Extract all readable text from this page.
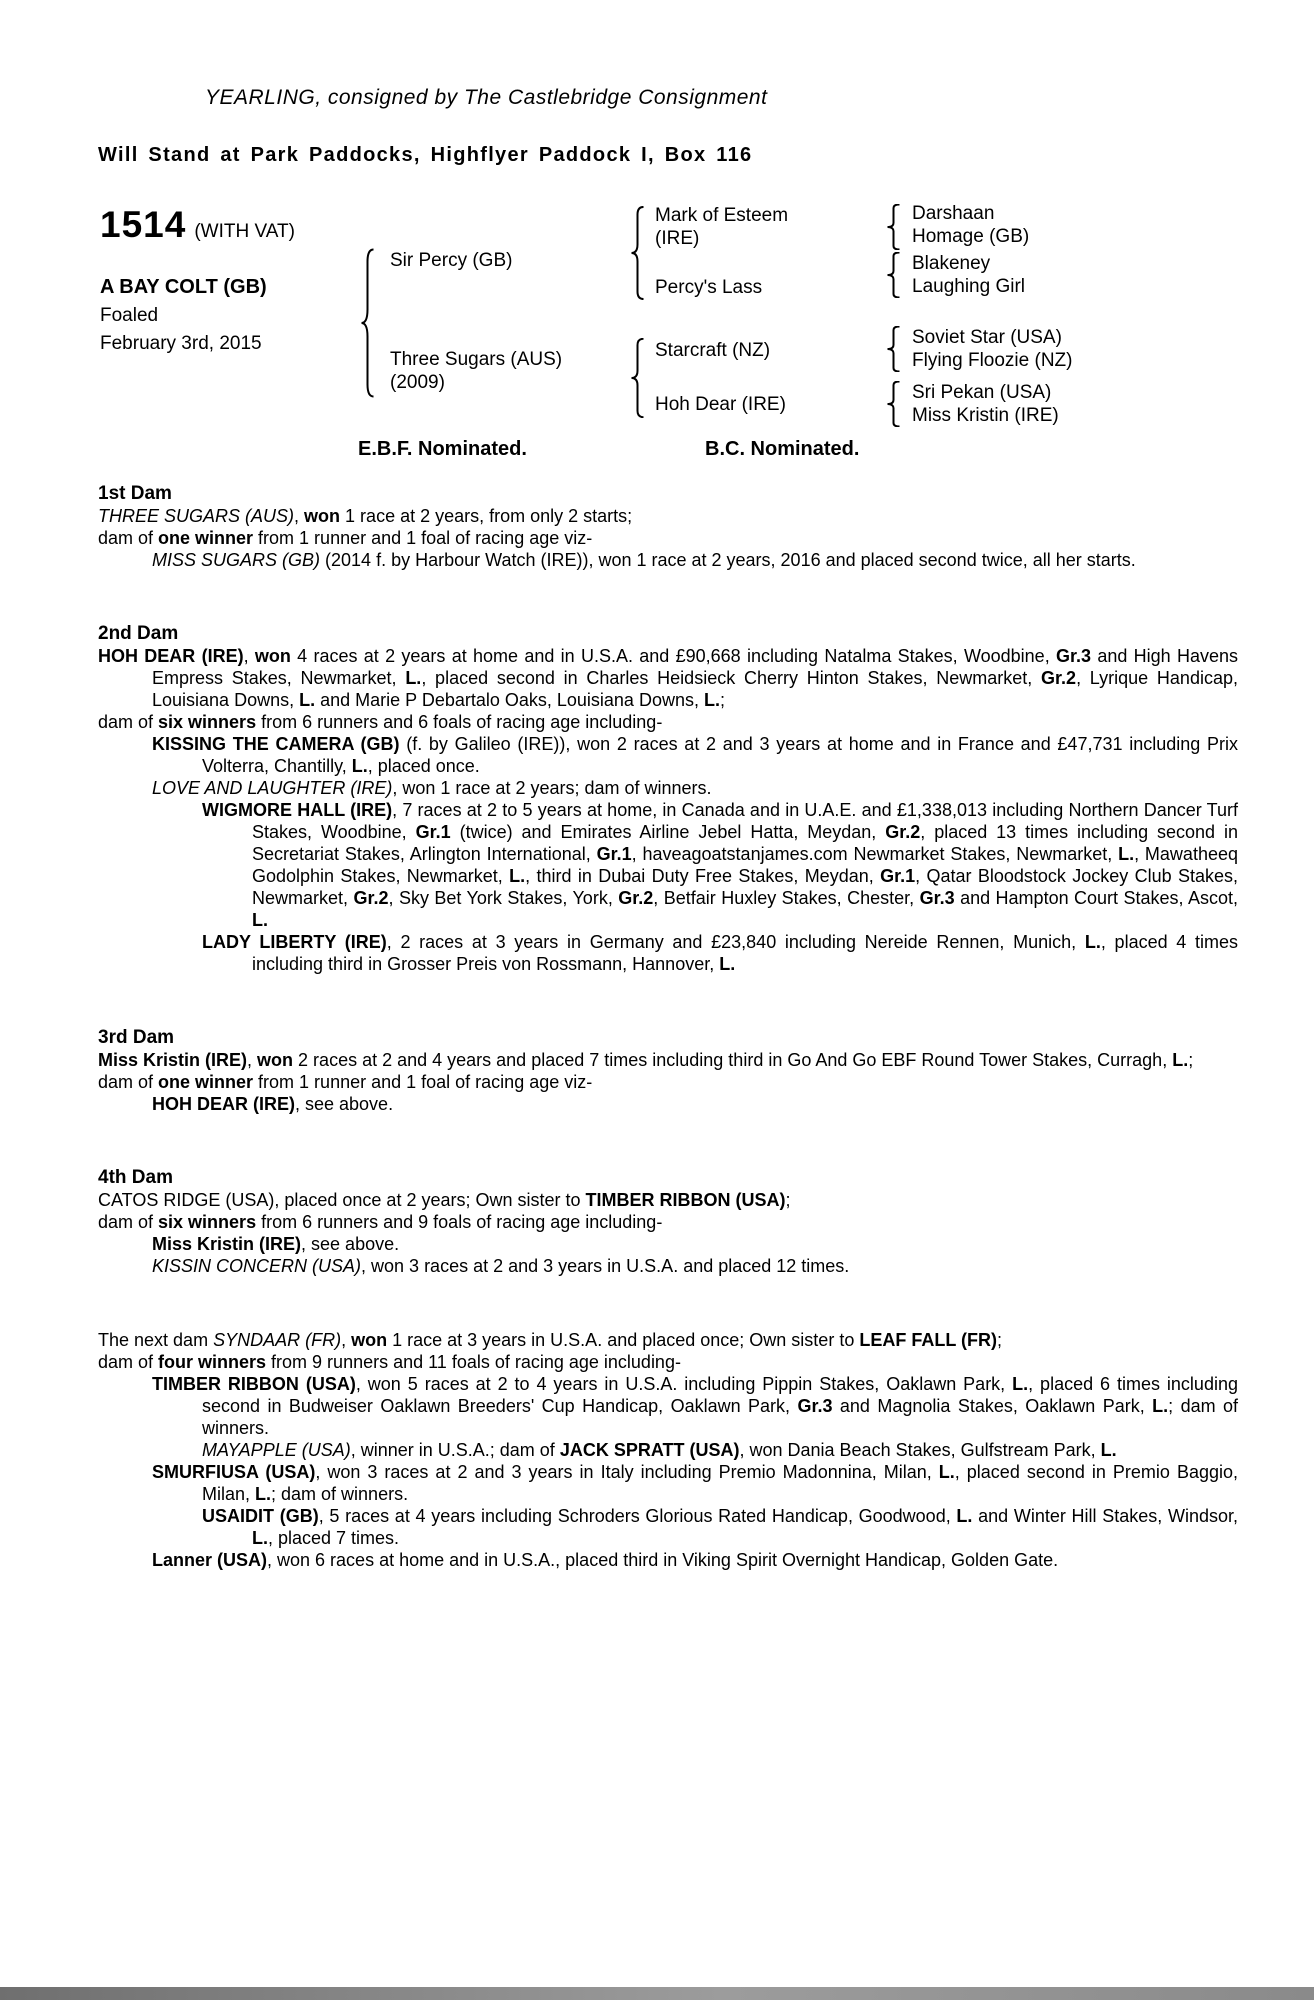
YEARLING, consigned by The Castlebridge Consignment
Will Stand at Park Paddocks, Highflyer Paddock I, Box 116
1514 (WITH VAT)
A BAY COLT (GB)
Foaled
February 3rd, 2015
Sir Percy (GB)
Three Sugars (AUS)
(2009)
Mark of Esteem
(IRE)
Percy's Lass
Starcraft (NZ)
Hoh Dear (IRE)
Darshaan
Homage (GB)
Blakeney
Laughing Girl
Soviet Star (USA)
Flying Floozie (NZ)
Sri Pekan (USA)
Miss Kristin (IRE)
E.B.F. Nominated.	B.C. Nominated.
1st Dam

THREE SUGARS (AUS), won 1 race at 2 years, from only 2 starts;

dam of one winner from 1 runner and 1 foal of racing age viz-

MISS SUGARS (GB) (2014 f. by Harbour Watch (IRE)), won 1 race at 2 years, 2016 and placed second twice, all her starts.

2nd Dam

HOH DEAR (IRE), won 4 races at 2 years at home and in U.S.A. and £90,668 including Natalma Stakes, Woodbine, Gr.3 and High Havens Empress Stakes, Newmarket, L., placed second in Charles Heidsieck Cherry Hinton Stakes, Newmarket, Gr.2, Lyrique Handicap, Louisiana Downs, L. and Marie P Debartalo Oaks, Louisiana Downs, L.;

dam of six winners from 6 runners and 6 foals of racing age including-

KISSING THE CAMERA (GB) (f. by Galileo (IRE)), won 2 races at 2 and 3 years at home and in France and £47,731 including Prix Volterra, Chantilly, L., placed once.

LOVE AND LAUGHTER (IRE), won 1 race at 2 years; dam of winners.

WIGMORE HALL (IRE), 7 races at 2 to 5 years at home, in Canada and in U.A.E. and £1,338,013 including Northern Dancer Turf Stakes, Woodbine, Gr.1 (twice) and Emirates Airline Jebel Hatta, Meydan, Gr.2, placed 13 times including second in Secretariat Stakes, Arlington International, Gr.1, haveagoatstanjames.com Newmarket Stakes, Newmarket, L., Mawatheeq Godolphin Stakes, Newmarket, L., third in Dubai Duty Free Stakes, Meydan, Gr.1, Qatar Bloodstock Jockey Club Stakes, Newmarket, Gr.2, Sky Bet York Stakes, York, Gr.2, Betfair Huxley Stakes, Chester, Gr.3 and Hampton Court Stakes, Ascot, L.

LADY LIBERTY (IRE), 2 races at 3 years in Germany and £23,840 including Nereide Rennen, Munich, L., placed 4 times including third in Grosser Preis von Rossmann, Hannover, L.

3rd Dam

Miss Kristin (IRE), won 2 races at 2 and 4 years and placed 7 times including third in Go And Go EBF Round Tower Stakes, Curragh, L.;

dam of one winner from 1 runner and 1 foal of racing age viz-

HOH DEAR (IRE), see above.

4th Dam

CATOS RIDGE (USA), placed once at 2 years; Own sister to TIMBER RIBBON (USA);

dam of six winners from 6 runners and 9 foals of racing age including-

Miss Kristin (IRE), see above.

KISSIN CONCERN (USA), won 3 races at 2 and 3 years in U.S.A. and placed 12 times.

The next dam SYNDAAR (FR), won 1 race at 3 years in U.S.A. and placed once; Own sister to LEAF FALL (FR);

dam of four winners from 9 runners and 11 foals of racing age including-

TIMBER RIBBON (USA), won 5 races at 2 to 4 years in U.S.A. including Pippin Stakes, Oaklawn Park, L., placed 6 times including second in Budweiser Oaklawn Breeders' Cup Handicap, Oaklawn Park, Gr.3 and Magnolia Stakes, Oaklawn Park, L.; dam of winners.

MAYAPPLE (USA), winner in U.S.A.; dam of JACK SPRATT (USA), won Dania Beach Stakes, Gulfstream Park, L.

SMURFIUSA (USA), won 3 races at 2 and 3 years in Italy including Premio Madonnina, Milan, L., placed second in Premio Baggio, Milan, L.; dam of winners.

USAIDIT (GB), 5 races at 4 years including Schroders Glorious Rated Handicap, Goodwood, L. and Winter Hill Stakes, Windsor, L., placed 7 times.

Lanner (USA), won 6 races at home and in U.S.A., placed third in Viking Spirit Overnight Handicap, Golden Gate.
